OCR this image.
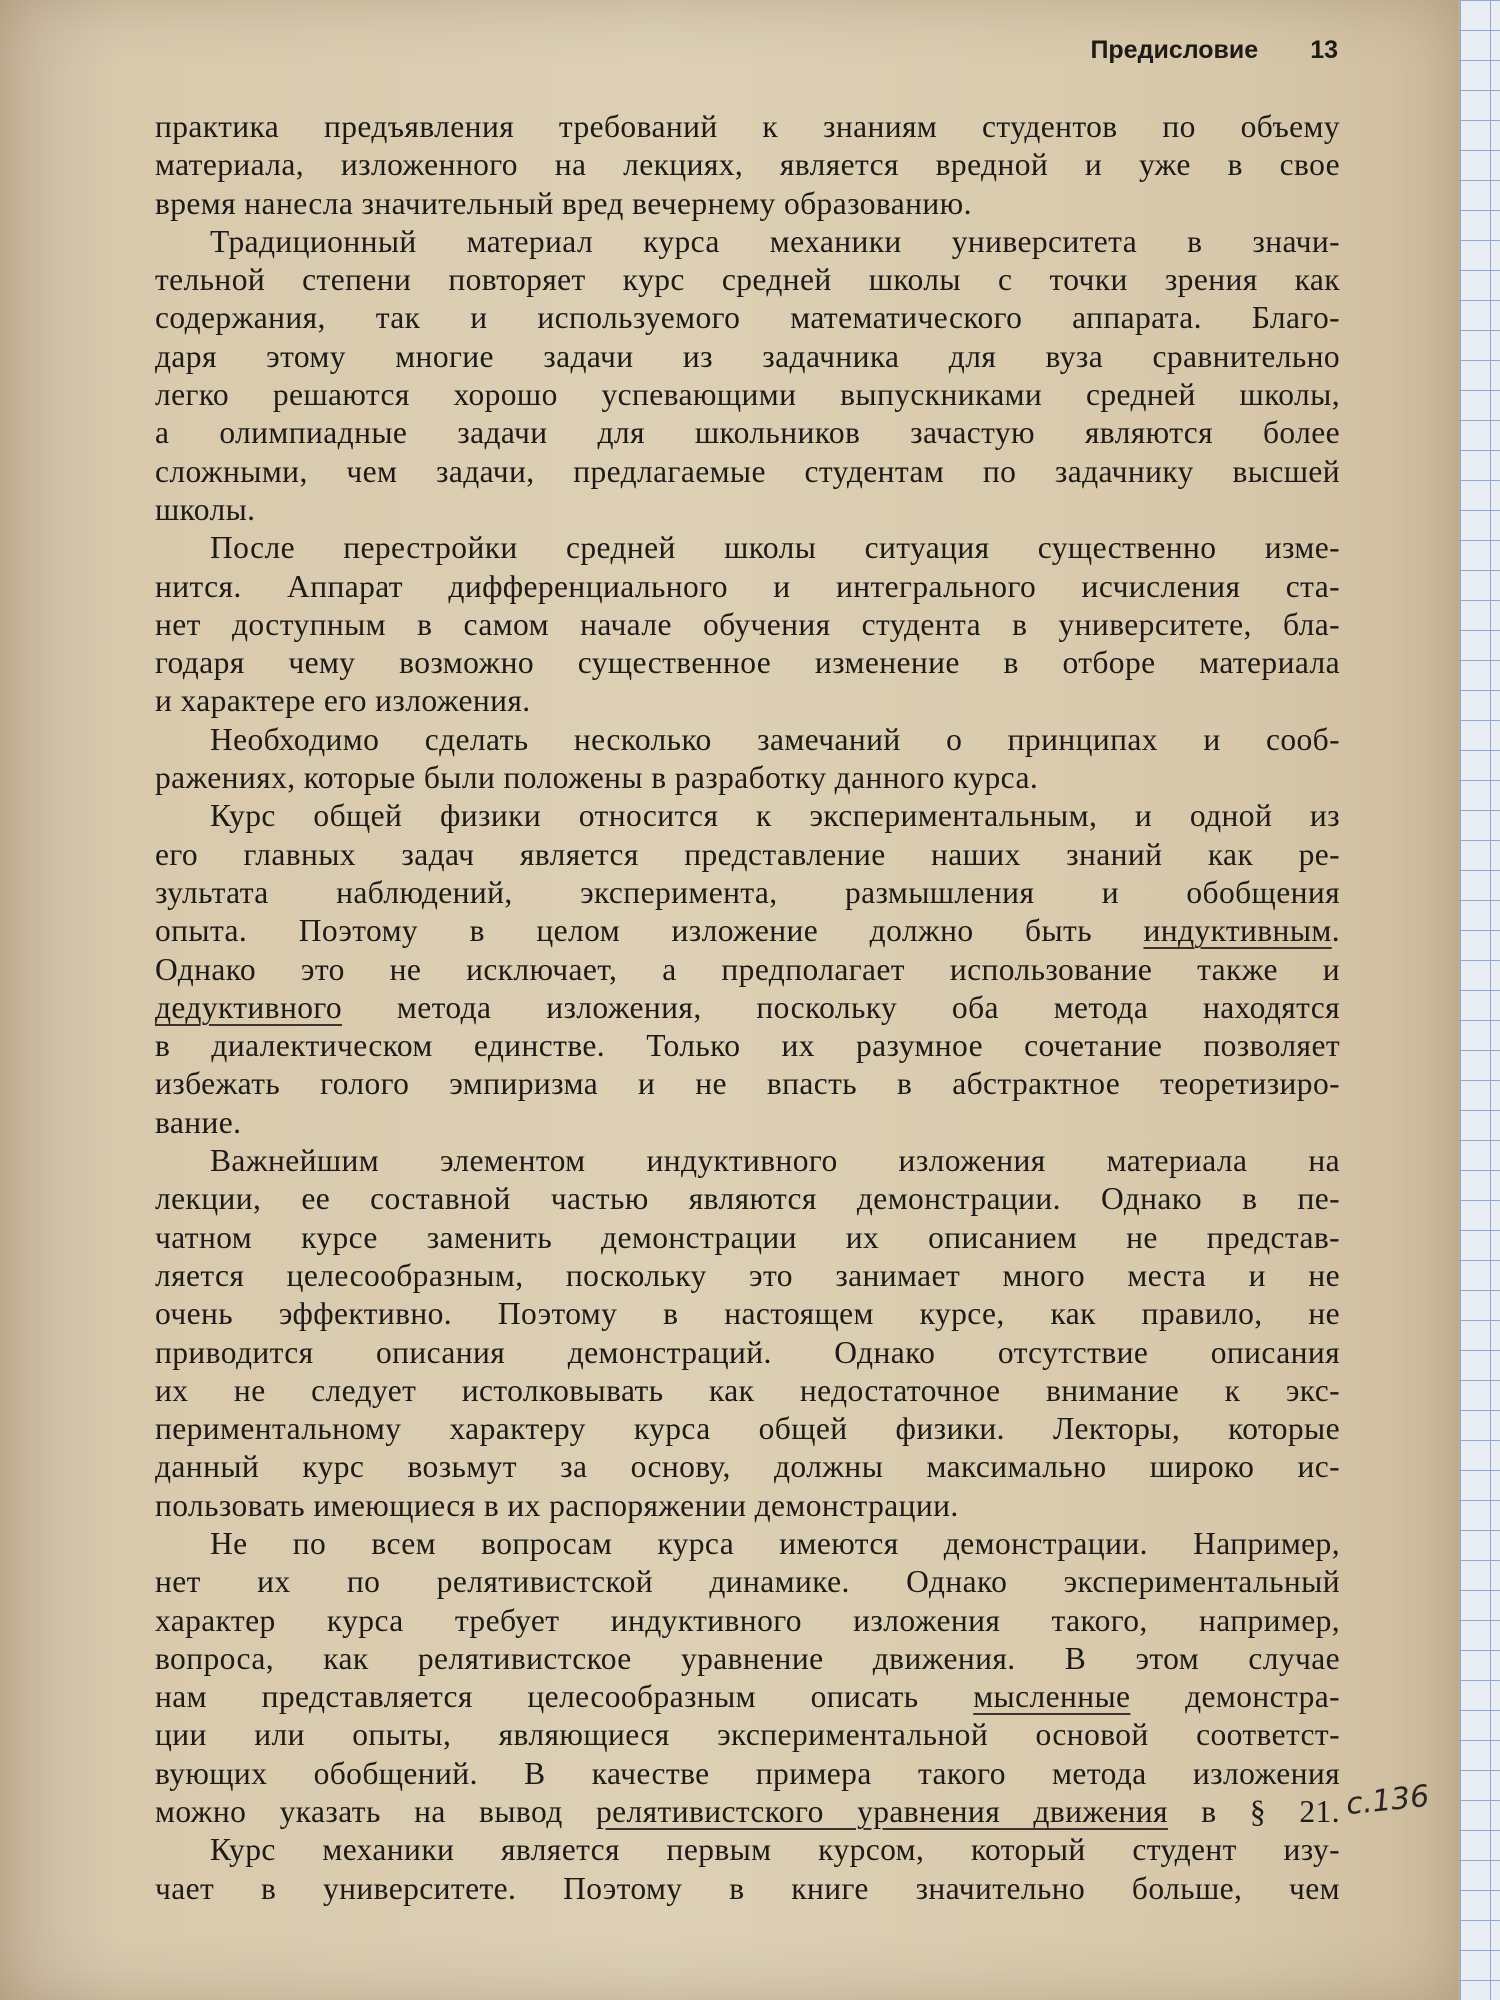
Предисловие 13
практика предъявления требований к знаниям студентов по объему
материала, изложенного на лекциях, является вредной и уже в свое
время нанесла значительный вред вечернему образованию.
Традиционный материал курса механики университета в значи-
тельной степени повторяет курс средней школы с точки зрения как
содержания, так и используемого математического аппарата. Благо-
даря этому многие задачи из задачника для вуза сравнительно
легко решаются хорошо успевающими выпускниками средней школы,
а олимпиадные задачи для школьников зачастую являются более
сложными, чем задачи, предлагаемые студентам по задачнику высшей
школы.
После перестройки средней школы ситуация существенно изме-
нится. Аппарат дифференциального и интегрального исчисления ста-
нет доступным в самом начале обучения студента в университете, бла-
годаря чему возможно существенное изменение в отборе материала
и характере его изложения.
Необходимо сделать несколько замечаний о принципах и сооб-
ражениях, которые были положены в разработку данного курса.
Курс общей физики относится к экспериментальным, и одной из
его главных задач является представление наших знаний как ре-
зультата наблюдений, эксперимента, размышления и обобщения
опыта. Поэтому в целом изложение должно быть индуктивным.
Однако это не исключает, а предполагает использование также и
дедуктивного метода изложения, поскольку оба метода находятся
в диалектическом единстве. Только их разумное сочетание позволяет
избежать голого эмпиризма и не впасть в абстрактное теоретизиро-
вание.
Важнейшим элементом индуктивного изложения материала на
лекции, ее составной частью являются демонстрации. Однако в пе-
чатном курсе заменить демонстрации их описанием не представ-
ляется целесообразным, поскольку это занимает много места и не
очень эффективно. Поэтому в настоящем курсе, как правило, не
приводится описания демонстраций. Однако отсутствие описания
их не следует истолковывать как недостаточное внимание к экс-
периментальному характеру курса общей физики. Лекторы, которые
данный курс возьмут за основу, должны максимально широко ис-
пользовать имеющиеся в их распоряжении демонстрации.
Не по всем вопросам курса имеются демонстрации. Например,
нет их по релятивистской динамике. Однако экспериментальный
характер курса требует индуктивного изложения такого, например,
вопроса, как релятивистское уравнение движения. В этом случае
нам представляется целесообразным описать мысленные демонстра-
ции или опыты, являющиеся экспериментальной основой соответст-
вующих обобщений. В качестве примера такого метода изложения
можно указать на вывод релятивистского уравнения движения в § 21.
Курс механики является первым курсом, который студент изу-
чает в университете. Поэтому в книге значительно больше, чем
с.136
